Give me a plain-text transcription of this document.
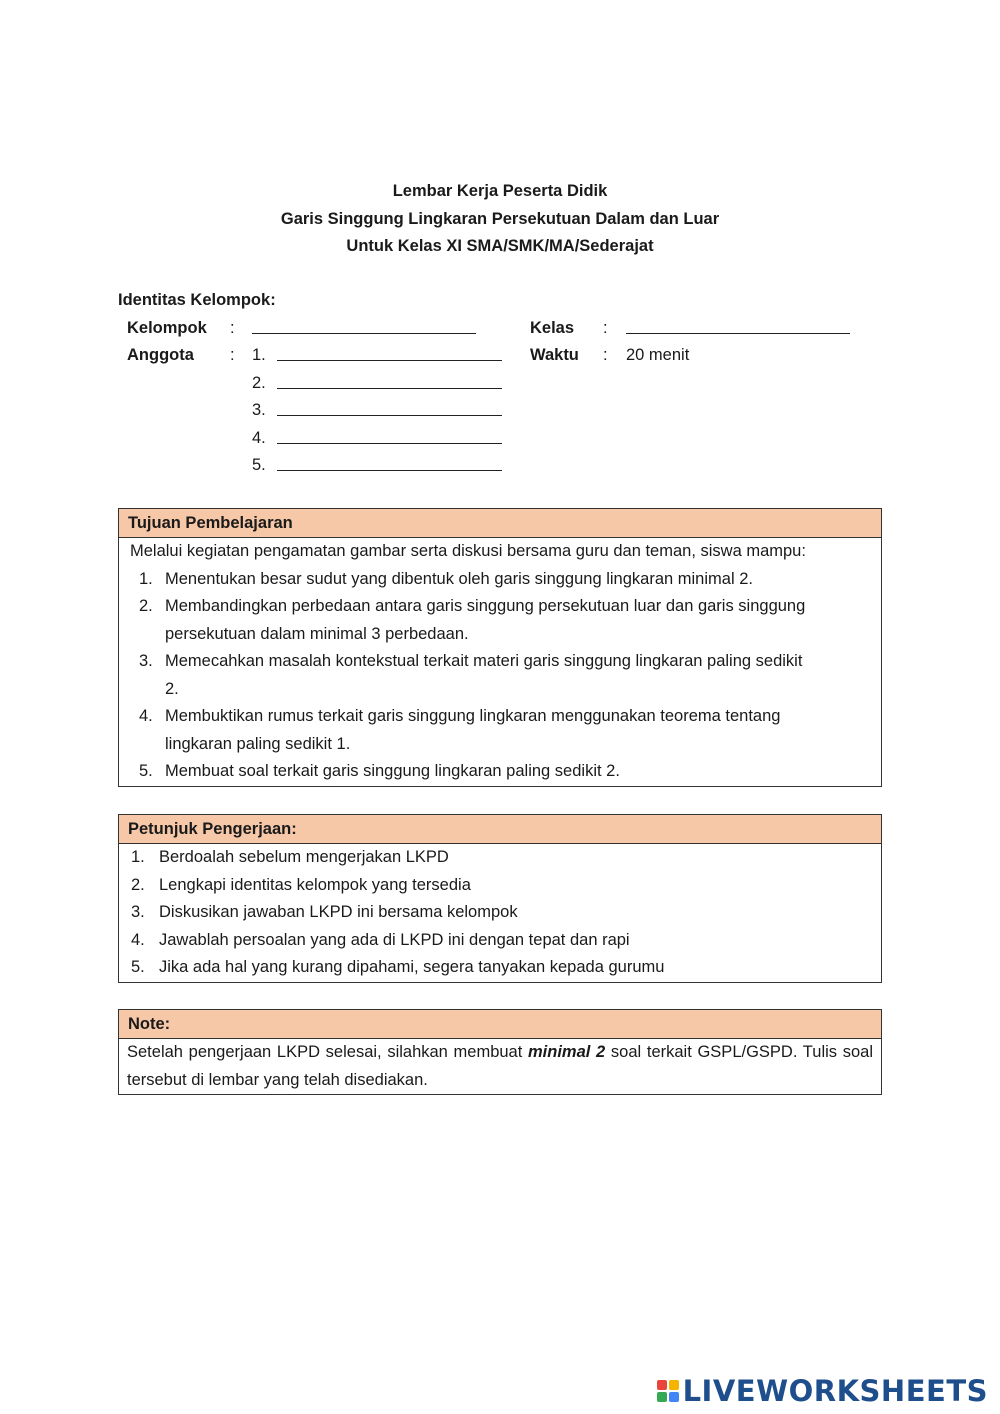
Lembar Kerja Peserta Didik
Garis Singgung Lingkaran Persekutuan Dalam dan Luar
Untuk Kelas XI SMA/SMK/MA/Sederajat
Identitas Kelompok:
Kelompok :	Kelas :
Anggota : 1.	Waktu : 20 menit
2.
3.
4.
5.
Tujuan Pembelajaran
Melalui kegiatan pengamatan gambar serta diskusi bersama guru dan teman, siswa mampu:
1. Menentukan besar sudut yang dibentuk oleh garis singgung lingkaran minimal 2.
2. Membandingkan perbedaan antara garis singgung persekutuan luar dan garis singgung
persekutuan dalam minimal 3 perbedaan.
3. Memecahkan masalah kontekstual terkait materi garis singgung lingkaran paling sedikit
2.
4. Membuktikan rumus terkait garis singgung lingkaran menggunakan teorema tentang
lingkaran paling sedikit 1.
5. Membuat soal terkait garis singgung lingkaran paling sedikit 2.
Petunjuk Pengerjaan:
1. Berdoalah sebelum mengerjakan LKPD
2. Lengkapi identitas kelompok yang tersedia
3. Diskusikan jawaban LKPD ini bersama kelompok
4. Jawablah persoalan yang ada di LKPD ini dengan tepat dan rapi
5. Jika ada hal yang kurang dipahami, segera tanyakan kepada gurumu
Note:
Setelah pengerjaan LKPD selesai, silahkan membuat minimal 2 soal terkait GSPL/GSPD. Tulis soal tersebut di lembar yang telah disediakan.
LIVEWORKSHEETS
